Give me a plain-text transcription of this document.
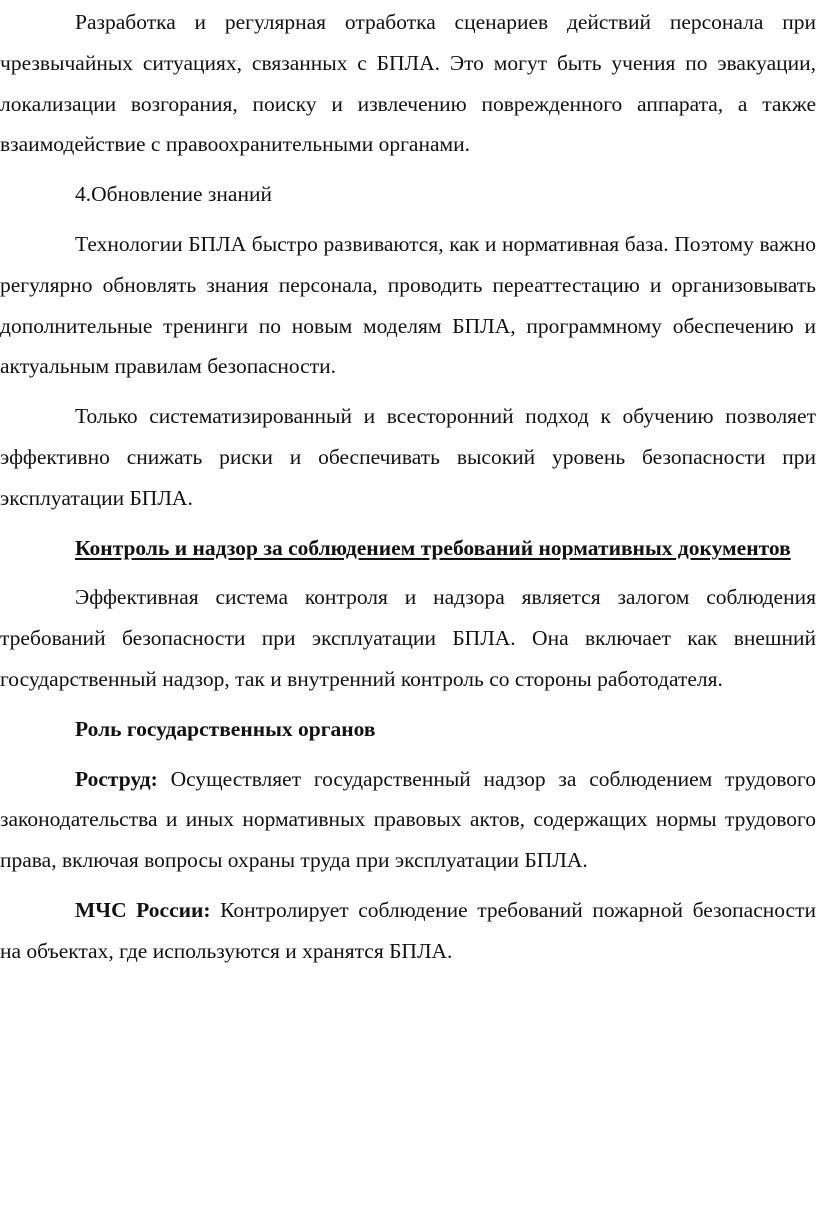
Разработка и регулярная отработка сценариев действий персонала при чрезвычайных ситуациях, связанных с БПЛА. Это могут быть учения по эвакуации, локализации возгорания, поиску и извлечению поврежденного аппарата, а также взаимодействие с правоохранительными органами.

4.Обновление знаний

Технологии БПЛА быстро развиваются, как и нормативная база. Поэтому важно регулярно обновлять знания персонала, проводить переаттестацию и организовывать дополнительные тренинги по новым моделям БПЛА, программному обеспечению и актуальным правилам безопасности.

Только систематизированный и всесторонний подход к обучению позволяет эффективно снижать риски и обеспечивать высокий уровень безопасности при эксплуатации БПЛА.

Контроль и надзор за соблюдением требований нормативных документов

Эффективная система контроля и надзора является залогом соблюдения требований безопасности при эксплуатации БПЛА. Она включает как внешний государственный надзор, так и внутренний контроль со стороны работодателя.

Роль государственных органов

Роструд: Осуществляет государственный надзор за соблюдением трудового законодательства и иных нормативных правовых актов, содержащих нормы трудового права, включая вопросы охраны труда при эксплуатации БПЛА.

МЧС России: Контролирует соблюдение требований пожарной безопасности на объектах, где используются и хранятся БПЛА.
